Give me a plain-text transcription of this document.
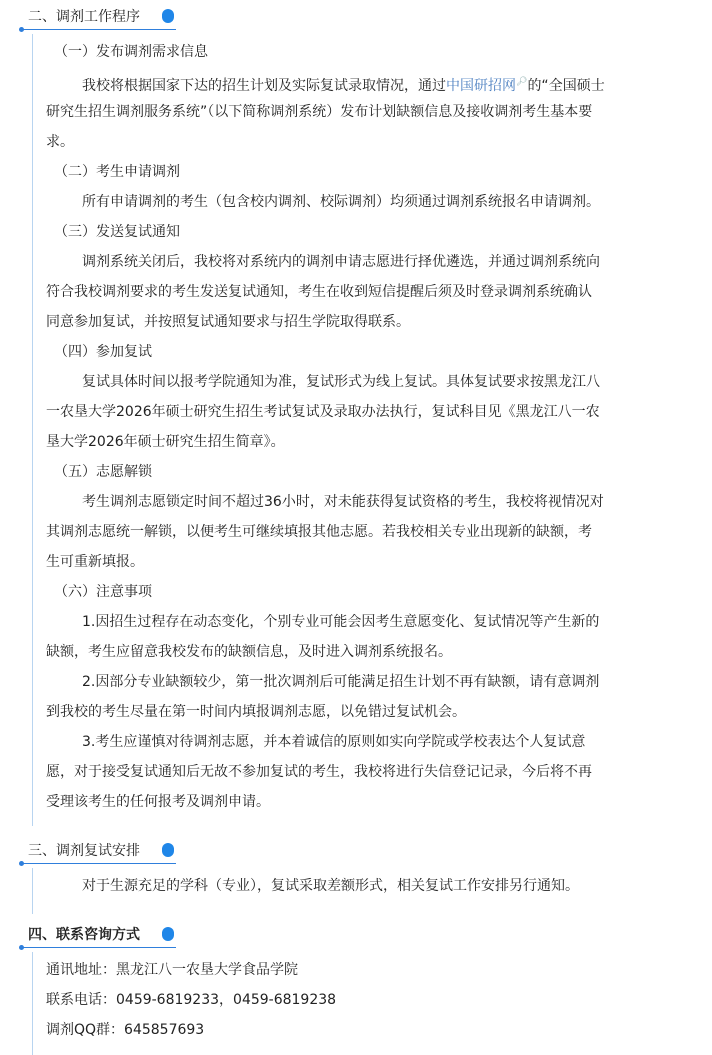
二、调剂工作程序
（一）发布调剂需求信息
我校将根据国家下达的招生计划及实际复试录取情况，通过中国研招网🔎︎的“全国硕士
研究生招生调剂服务系统”（以下简称调剂系统）发布计划缺额信息及接收调剂考生基本要
求。
（二）考生申请调剂
所有申请调剂的考生（包含校内调剂、校际调剂）均须通过调剂系统报名申请调剂。
（三）发送复试通知
调剂系统关闭后，我校将对系统内的调剂申请志愿进行择优遴选，并通过调剂系统向
符合我校调剂要求的考生发送复试通知，考生在收到短信提醒后须及时登录调剂系统确认
同意参加复试，并按照复试通知要求与招生学院取得联系。
（四）参加复试
复试具体时间以报考学院通知为准，复试形式为线上复试。具体复试要求按黑龙江八
一农垦大学2026年硕士研究生招生考试复试及录取办法执行，复试科目见《黑龙江八一农
垦大学2026年硕士研究生招生简章》。
（五）志愿解锁
考生调剂志愿锁定时间不超过36小时，对未能获得复试资格的考生，我校将视情况对
其调剂志愿统一解锁，以便考生可继续填报其他志愿。若我校相关专业出现新的缺额，考
生可重新填报。
（六）注意事项
1.因招生过程存在动态变化，个别专业可能会因考生意愿变化、复试情况等产生新的
缺额，考生应留意我校发布的缺额信息，及时进入调剂系统报名。
2.因部分专业缺额较少，第一批次调剂后可能满足招生计划不再有缺额，请有意调剂
到我校的考生尽量在第一时间内填报调剂志愿，以免错过复试机会。
3.考生应谨慎对待调剂志愿，并本着诚信的原则如实向学院或学校表达个人复试意
愿，对于接受复试通知后无故不参加复试的考生，我校将进行失信登记记录，今后将不再
受理该考生的任何报考及调剂申请。
三、调剂复试安排
对于生源充足的学科（专业），复试采取差额形式，相关复试工作安排另行通知。
四、联系咨询方式
通讯地址：黑龙江八一农垦大学食品学院
联系电话：0459-6819233，0459-6819238
调剂QQ群：645857693
